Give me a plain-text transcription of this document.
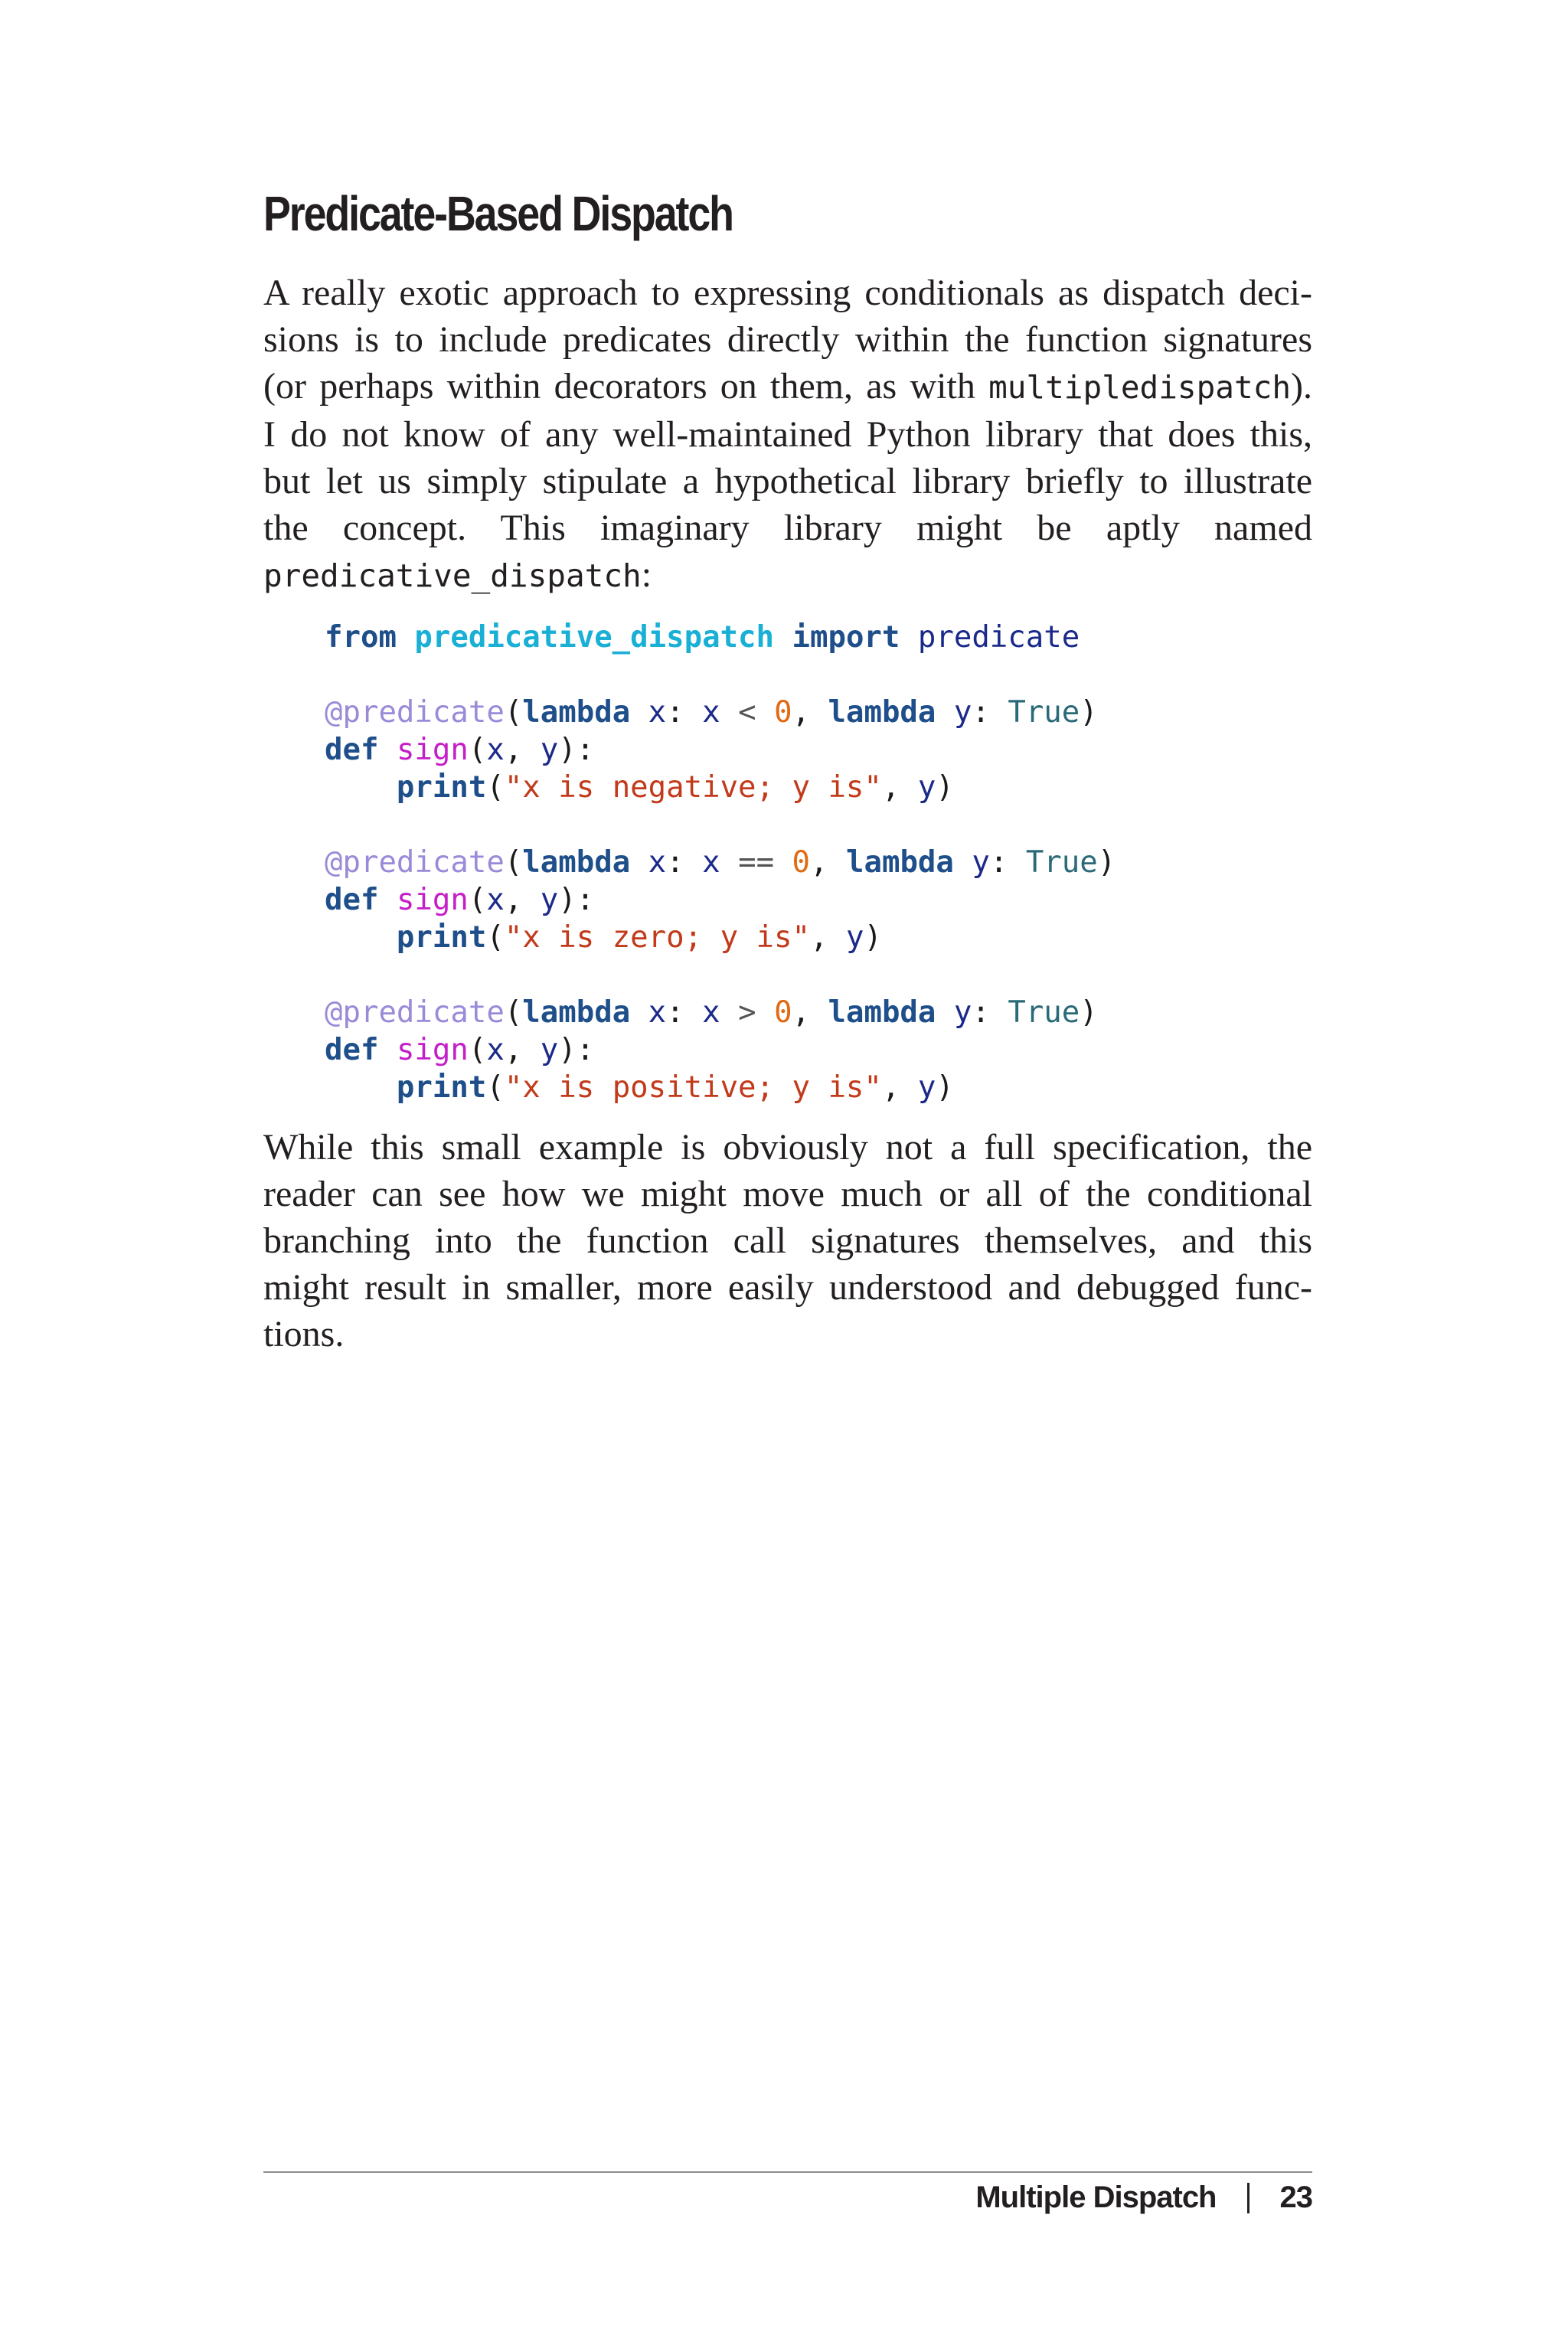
Predicate-Based Dispatch
A really exotic approach to expressing conditionals as dispatch deci-
sions is to include predicates directly within the function signatures
(or perhaps within decorators on them, as with multipledispatch).
I do not know of any well-maintained Python library that does this,
but let us simply stipulate a hypothetical library briefly to illustrate
the concept. This imaginary library might be aptly named
predicative_dispatch:
from predicative_dispatch import predicate

@predicate(lambda x: x < 0, lambda y: True)
def sign(x, y):
print("x is negative; y is", y)

@predicate(lambda x: x == 0, lambda y: True)
def sign(x, y):
print("x is zero; y is", y)

@predicate(lambda x: x > 0, lambda y: True)
def sign(x, y):
print("x is positive; y is", y)
While this small example is obviously not a full specification, the
reader can see how we might move much or all of the conditional
branching into the function call signatures themselves, and this
might result in smaller, more easily understood and debugged func-
tions.
Multiple Dispatch 23
